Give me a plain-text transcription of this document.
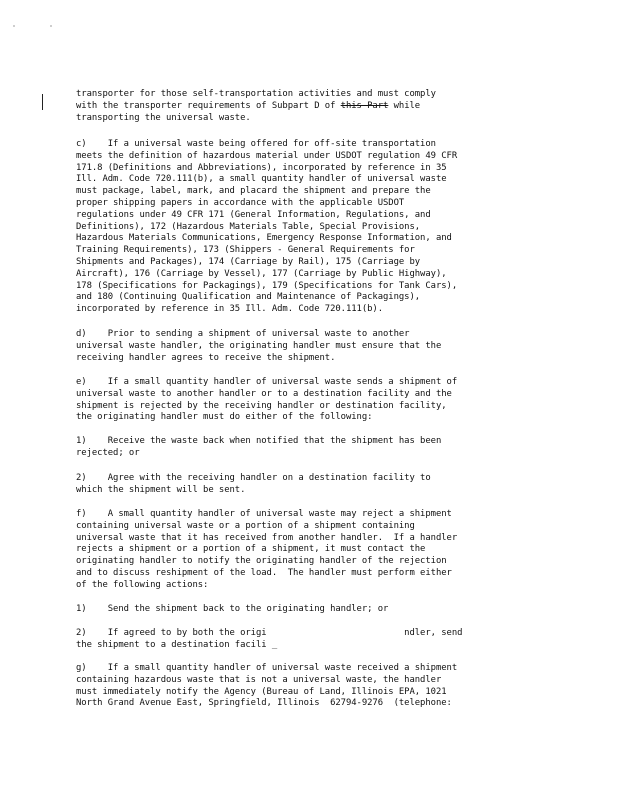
transporter for those self-transportation activities and must comply
with the transporter requirements of Subpart D of this Part while
transporting the universal waste.
c)    If a universal waste being offered for off-site transportation
meets the definition of hazardous material under USDOT regulation 49 CFR
171.8 (Definitions and Abbreviations), incorporated by reference in 35
Ill. Adm. Code 720.111(b), a small quantity handler of universal waste
must package, label, mark, and placard the shipment and prepare the
proper shipping papers in accordance with the applicable USDOT
regulations under 49 CFR 171 (General Information, Regulations, and
Definitions), 172 (Hazardous Materials Table, Special Provisions,
Hazardous Materials Communications, Emergency Response Information, and
Training Requirements), 173 (Shippers - General Requirements for
Shipments and Packages), 174 (Carriage by Rail), 175 (Carriage by
Aircraft), 176 (Carriage by Vessel), 177 (Carriage by Public Highway),
178 (Specifications for Packagings), 179 (Specifications for Tank Cars),
and 180 (Continuing Qualification and Maintenance of Packagings),
incorporated by reference in 35 Ill. Adm. Code 720.111(b).
d)    Prior to sending a shipment of universal waste to another
universal waste handler, the originating handler must ensure that the
receiving handler agrees to receive the shipment.
e)    If a small quantity handler of universal waste sends a shipment of
universal waste to another handler or to a destination facility and the
shipment is rejected by the receiving handler or destination facility,
the originating handler must do either of the following:
1)    Receive the waste back when notified that the shipment has been
rejected; or
2)    Agree with the receiving handler on a destination facility to
which the shipment will be sent.
f)    A small quantity handler of universal waste may reject a shipment
containing universal waste or a portion of a shipment containing
universal waste that it has received from another handler.  If a handler
rejects a shipment or a portion of a shipment, it must contact the
originating handler to notify the originating handler of the rejection
and to discuss reshipment of the load.  The handler must perform either
of the following actions:
1)    Send the shipment back to the originating handler; or
2)    If agreed to by both the origi                          ndler, send
the shipment to a destination facili _
g)    If a small quantity handler of universal waste received a shipment
containing hazardous waste that is not a universal waste, the handler
must immediately notify the Agency (Bureau of Land, Illinois EPA, 1021
North Grand Avenue East, Springfield, Illinois  62794-9276  (telephone:
